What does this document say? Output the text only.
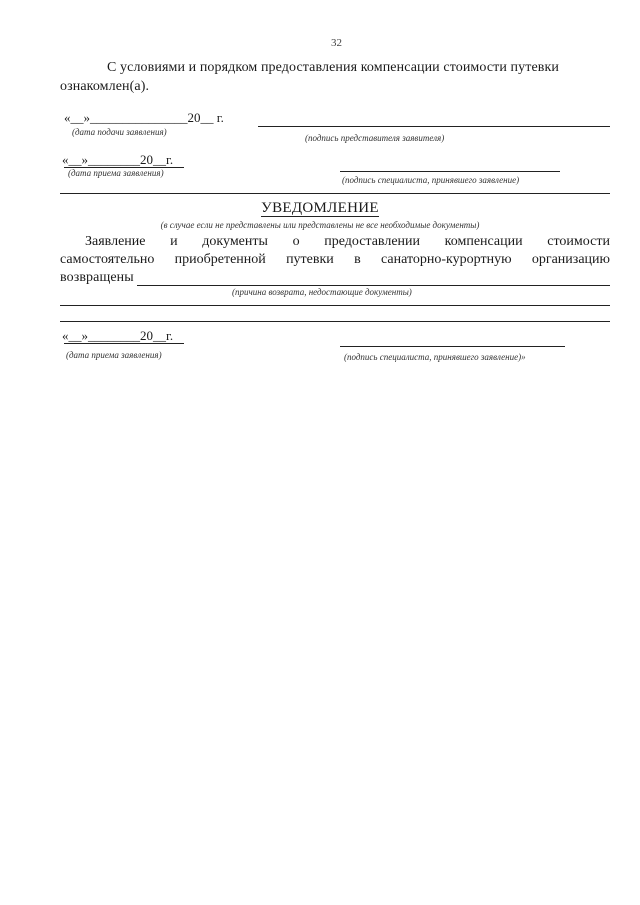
32
С условиями и порядком предоставления компенсации стоимости путевки
ознакомлен(а).
«__»_______________20__ г.
(дата подачи заявления)
(подпись представителя заявителя)
«__»________20__г.
(дата приема заявления)
(подпись специалиста, принявшего заявление)
УВЕДОМЛЕНИЕ
(в случае если не представлены или представлены не все необходимые документы)
Заявление и документы о предоставлении компенсации стоимости
самостоятельно приобретенной путевки в санаторно-курортную организацию
возвращены
(причина возврата, недостающие документы)
«__»________20__г.
(дата приема заявления)	(подпись специалиста, принявшего заявление)»
